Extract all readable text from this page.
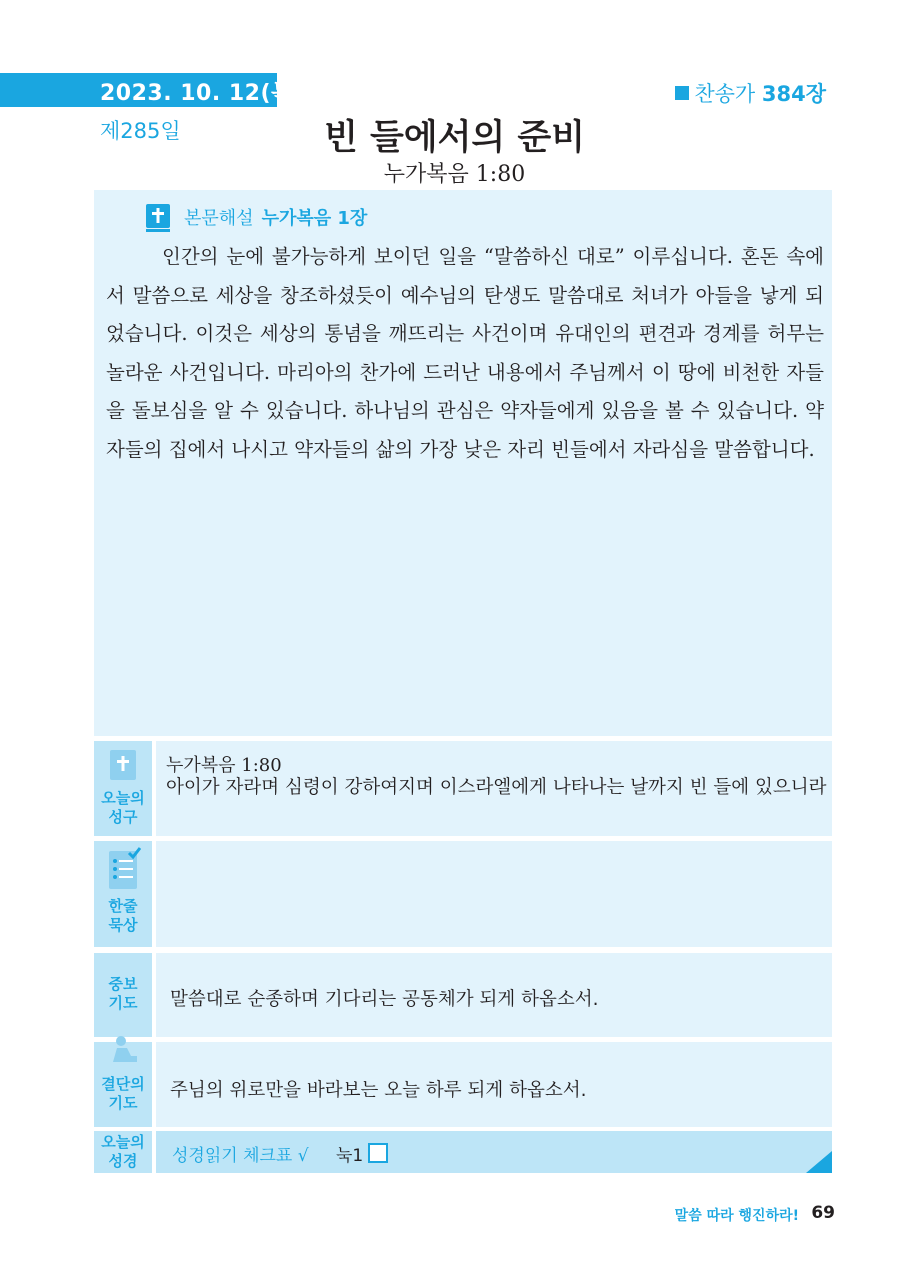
2023. 10. 12(목)
제285일
찬송가 384장
빈 들에서의 준비
누가복음 1:80
본문해설 누가복음 1장

인간의 눈에 불가능하게 보이던 일을 “말씀하신 대로” 이루십니다. 혼돈 속에서 말씀으로 세상을 창조하셨듯이 예수님의 탄생도 말씀대로 처녀가 아들을 낳게 되었습니다. 이것은 세상의 통념을 깨뜨리는 사건이며 유대인의 편견과 경계를 허무는 놀라운 사건입니다. 마리아의 찬가에 드러난 내용에서 주님께서 이 땅에 비천한 자들을 돌보심을 알 수 있습니다. 하나님의 관심은 약자들에게 있음을 볼 수 있습니다. 약자들의 집에서 나시고 약자들의 삶의 가장 낮은 자리 빈들에서 자라심을 말씀합니다.

오늘의
성구
누가복음 1:80

아이가 자라며 심령이 강하여지며 이스라엘에게 나타나는 날까지 빈 들에 있으니라

한줄
묵상
중보
기도	말씀대로 순종하며 기다리는 공동체가 되게 하옵소서.
결단의
기도
주님의 위로만을 바라보는 오늘 하루 되게 하옵소서.
오늘의
성경	성경읽기 체크표 √ 눅1
말씀 따라 행진하라! 69
